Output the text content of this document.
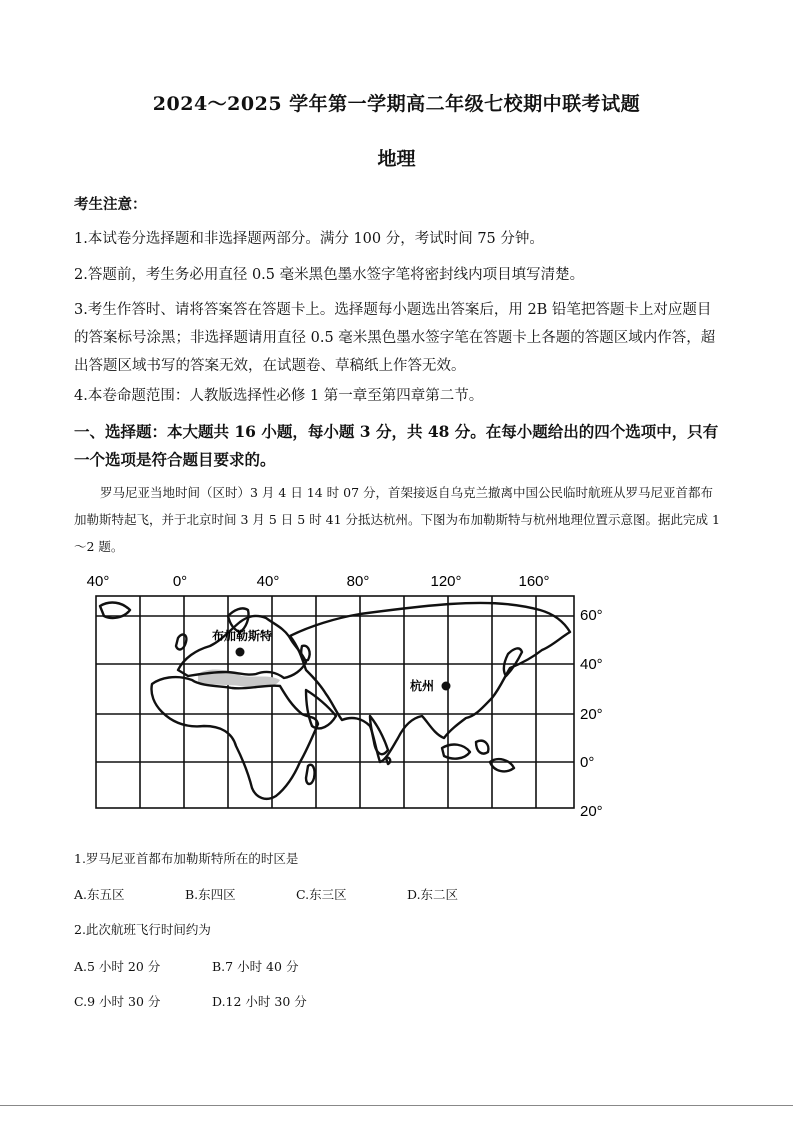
2024～2025 学年第一学期高二年级七校期中联考试题
地理
考生注意：
1.本试卷分选择题和非选择题两部分。满分 100 分，考试时间 75 分钟。
2.答题前，考生务必用直径 0.5 毫米黑色墨水签字笔将密封线内项目填写清楚。
3.考生作答时、请将答案答在答题卡上。选择题每小题选出答案后，用 2B 铅笔把答题卡上对应题目的答案标号涂黑；非选择题请用直径 0.5 毫米黑色墨水签字笔在答题卡上各题的答题区域内作答，超出答题区域书写的答案无效，在试题卷、草稿纸上作答无效。
4.本卷命题范围：人教版选择性必修 1 第一章至第四章第二节。
一、选择题：本大题共 16 小题，每小题 3 分，共 48 分。在每小题给出的四个选项中，只有一个选项是符合题目要求的。
罗马尼亚当地时间（区时）3 月 4 日 14 时 07 分，首架接返自乌克兰撤离中国公民临时航班从罗马尼亚首都布加勒斯特起飞，并于北京时间 3 月 5 日 5 时 41 分抵达杭州。下图为布加勒斯特与杭州地理位置示意图。据此完成 1～2 题。
40°	0°	40°	80°	120°	160°
布加勒斯特
杭州
60°
40°
20°
0°
20°
1.罗马尼亚首都布加勒斯特所在的时区是
A.东五区	B.东四区	C.东三区	D.东二区
2.此次航班飞行时间约为
A.5 小时 20 分	B.7 小时 40 分
C.9 小时 30 分	D.12 小时 30 分
